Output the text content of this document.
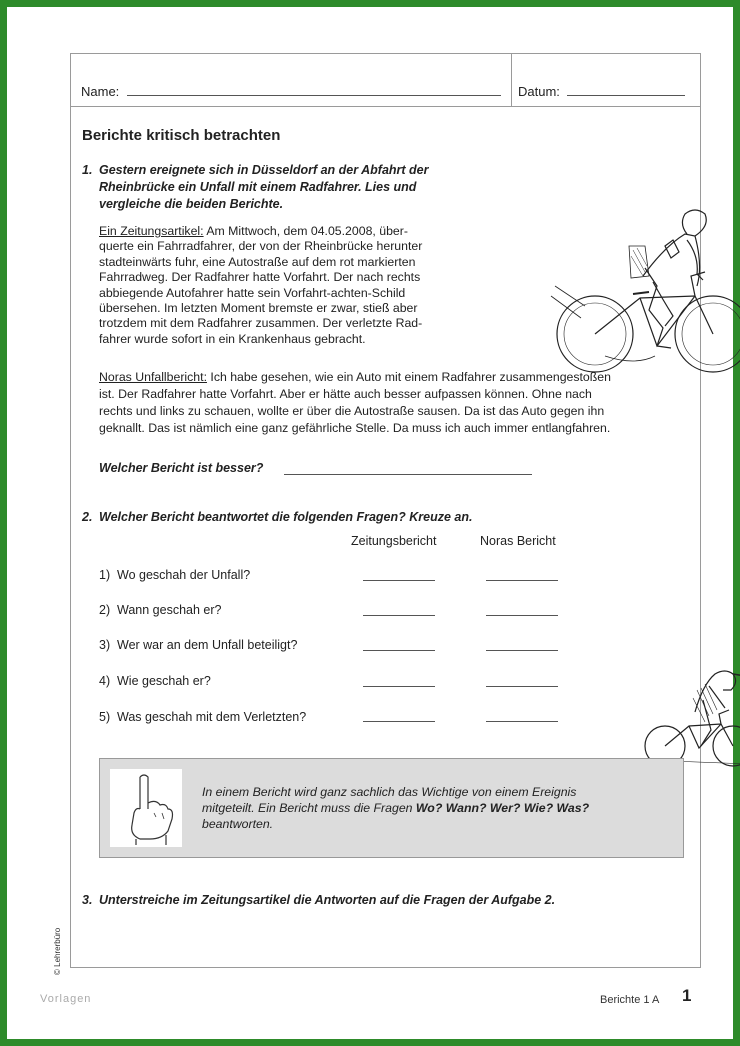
Name:	Datum:
Berichte kritisch betrachten
1. Gestern ereignete sich in Düsseldorf an der Abfahrt der
Rheinbrücke ein Unfall mit einem Radfahrer. Lies und
vergleiche die beiden Berichte.
Ein Zeitungsartikel: Am Mittwoch, dem 04.05.2008, über-
querte ein Fahrradfahrer, der von der Rheinbrücke herunter
stadteinwärts fuhr, eine Autostraße auf dem rot markierten
Fahrradweg. Der Radfahrer hatte Vorfahrt. Der nach rechts
abbiegende Autofahrer hatte sein Vorfahrt-achten-Schild
übersehen. Im letzten Moment bremste er zwar, stieß aber
trotzdem mit dem Radfahrer zusammen. Der verletzte Rad-
fahrer wurde sofort in ein Krankenhaus gebracht.
Noras Unfallbericht: Ich habe gesehen, wie ein Auto mit einem Radfahrer zusammengestoßen
ist. Der Radfahrer hatte Vorfahrt. Aber er hätte auch besser aufpassen können. Ohne nach
rechts und links zu schauen, wollte er über die Autostraße sausen. Da ist das Auto gegen ihn
geknallt. Das ist nämlich eine ganz gefährliche Stelle. Da muss ich auch immer entlangfahren.
Welcher Bericht ist besser?
2. Welcher Bericht beantwortet die folgenden Fragen? Kreuze an.
Zeitungsbericht	Noras Bericht
1) Wo geschah der Unfall?
2) Wann geschah er?
3) Wer war an dem Unfall beteiligt?
4) Wie geschah er?
5) Was geschah mit dem Verletzten?
In einem Bericht wird ganz sachlich das Wichtige von einem Ereignis
mitgeteilt. Ein Bericht muss die Fragen Wo? Wann? Wer? Wie? Was?
beantworten.
3. Unterstreiche im Zeitungsartikel die Antworten auf die Fragen der Aufgabe 2.
© Lehrerbüro
Vorlagen	Berichte 1 A 1
